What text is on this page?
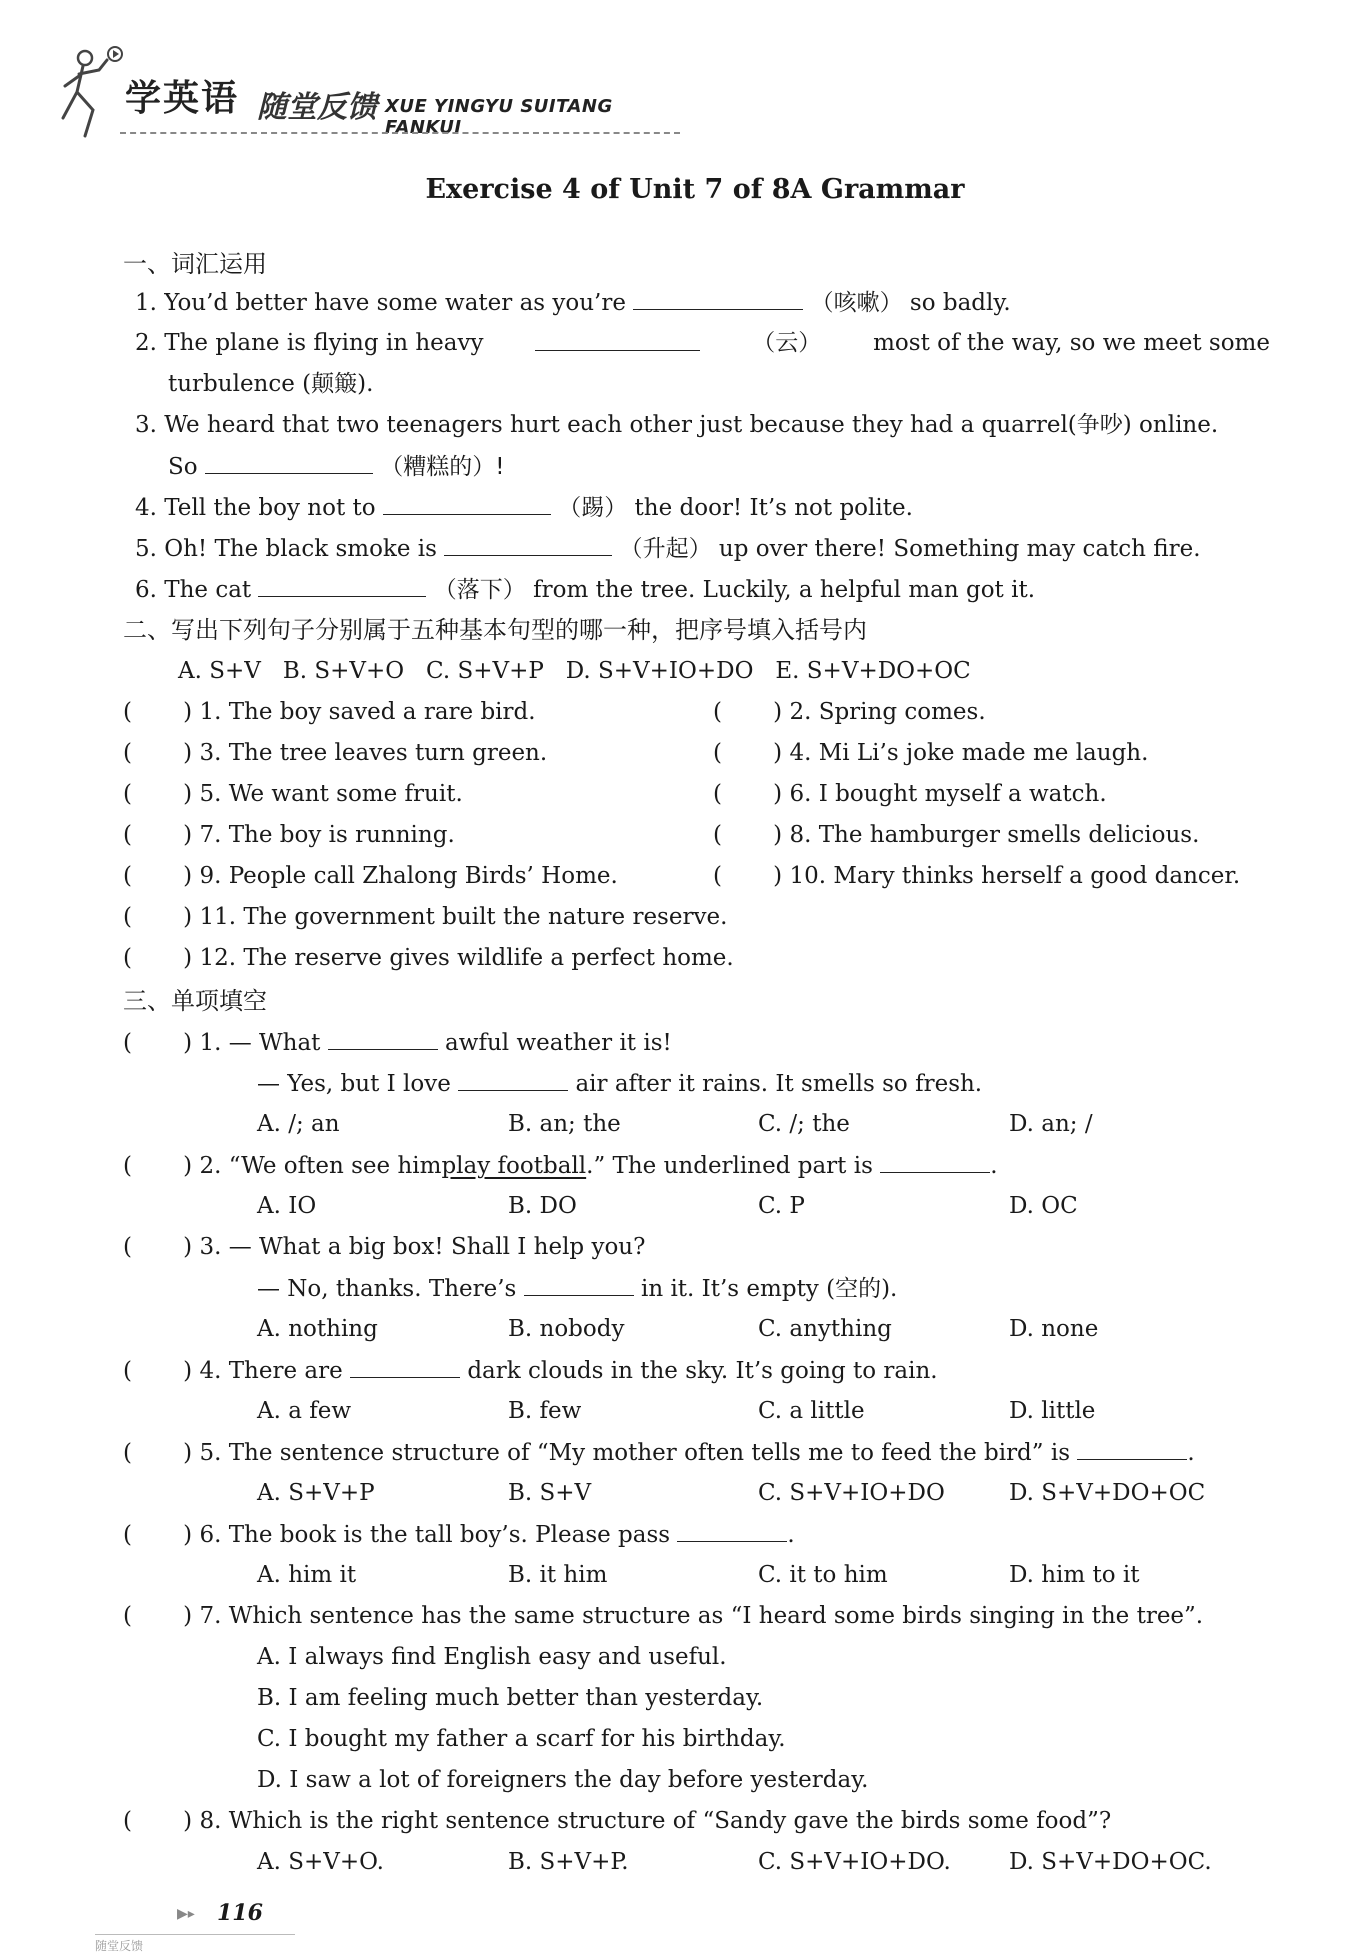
学英语 随堂反馈 XUE YINGYU SUITANG FANKUI
Exercise 4 of Unit 7 of 8A Grammar
一、词汇运用
1. You’d better have some water as you’re	（咳嗽） so badly.
2. The plane is flying in heavy	（云） most of the way, so we meet some
turbulence (颠簸).
3. We heard that two teenagers hurt each other just because they had a quarrel(争吵) online.
So	（糟糕的）!
4. Tell the boy not to	（踢） the door! It’s not polite.
5. Oh! The black smoke is	（升起） up over there! Something may catch fire.
6. The cat	（落下） from the tree. Luckily, a helpful man got it.
二、写出下列句子分别属于五种基本句型的哪一种，把序号填入括号内
A. S+V B. S+V+O C. S+V+P D. S+V+IO+DO E. S+V+DO+OC
(       ) 1. The boy saved a rare bird.	(       ) 2. Spring comes.
(       ) 3. The tree leaves turn green.	(       ) 4. Mi Li’s joke made me laugh.
(       ) 5. We want some fruit.	(       ) 6. I bought myself a watch.
(       ) 7. The boy is running.	(       ) 8. The hamburger smells delicious.
(       ) 9. People call Zhalong Birds’ Home.	(       ) 10. Mary thinks herself a good dancer.
(       ) 11. The government built the nature reserve.
(       ) 12. The reserve gives wildlife a perfect home.
三、单项填空
(       ) 1. — What	awful weather it is!
— Yes, but I love	air after it rains. It smells so fresh.
A. /; an	B. an; the	C. /; the	D. an; /
(       ) 2. “We often see himplay football.” The underlined part is	.
A. IO	B. DO	C. P	D. OC
(       ) 3. — What a big box! Shall I help you?
— No, thanks. There’s	in it. It’s empty (空的).
A. nothing	B. nobody	C. anything	D. none
(       ) 4. There are	dark clouds in the sky. It’s going to rain.
A. a few	B. few	C. a little	D. little
(       ) 5. The sentence structure of “My mother often tells me to feed the bird” is	.
A. S+V+P	B. S+V	C. S+V+IO+DO	D. S+V+DO+OC
(       ) 6. The book is the tall boy’s. Please pass	.
A. him it	B. it him	C. it to him	D. him to it
(       ) 7. Which sentence has the same structure as “I heard some birds singing in the tree”.
A. I always find English easy and useful.
B. I am feeling much better than yesterday.
C. I bought my father a scarf for his birthday.
D. I saw a lot of foreigners the day before yesterday.
(       ) 8. Which is the right sentence structure of “Sandy gave the birds some food”?
A. S+V+O.	B. S+V+P.	C. S+V+IO+DO.	D. S+V+DO+OC.
▶▸ 116
随堂反馈
